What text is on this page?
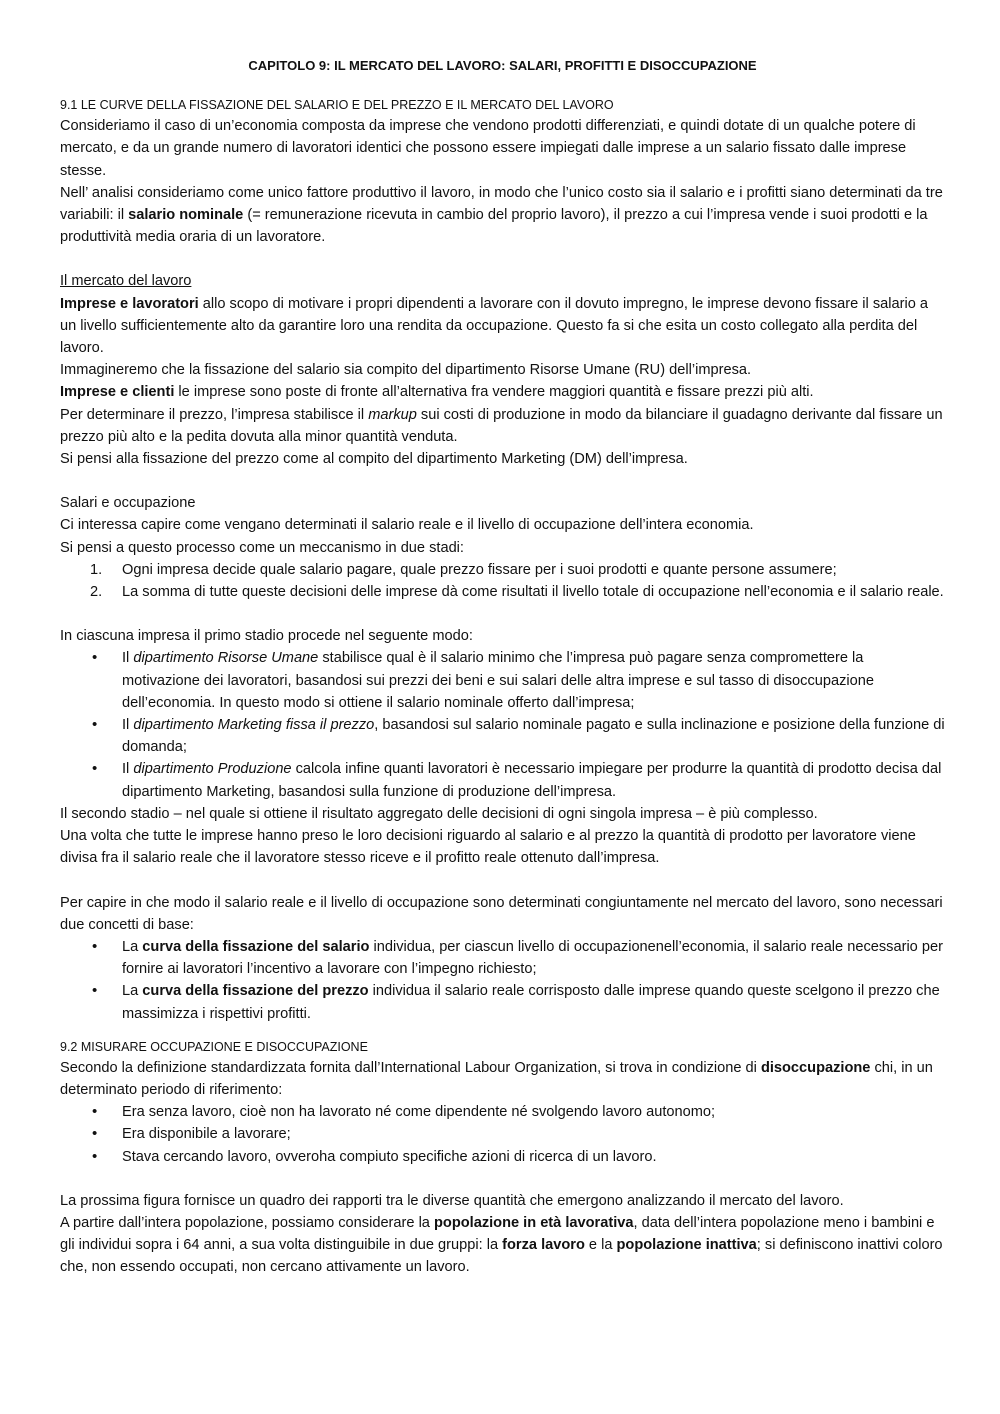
CAPITOLO 9: IL MERCATO DEL LAVORO: SALARI, PROFITTI E DISOCCUPAZIONE
9.1 LE CURVE DELLA FISSAZIONE DEL SALARIO E DEL PREZZO E IL MERCATO DEL LAVORO

Consideriamo il caso di un’economia composta da imprese che vendono prodotti differenziati, e quindi dotate di un qualche potere di mercato, e da un grande numero di lavoratori identici che possono essere impiegati dalle imprese a un salario fissato dalle imprese stesse.

Nell’ analisi consideriamo come unico fattore produttivo il lavoro, in modo che l’unico costo sia il salario e i profitti siano determinati da tre variabili: il salario nominale (= remunerazione ricevuta in cambio del proprio lavoro), il prezzo a cui l’impresa vende i suoi prodotti e la produttività media oraria di un lavoratore.

Il mercato del lavoro

Imprese e lavoratori allo scopo di motivare i propri dipendenti a lavorare con il dovuto impregno, le imprese devono fissare il salario a un livello sufficientemente alto da garantire loro una rendita da occupazione. Questo fa si che esita un costo collegato alla perdita del lavoro.

Immagineremo che la fissazione del salario sia compito del dipartimento Risorse Umane (RU) dell’impresa.

Imprese e clienti le imprese sono poste di fronte all’alternativa fra vendere maggiori quantità e fissare prezzi più alti.

Per determinare il prezzo, l’impresa stabilisce il markup sui costi di produzione in modo da bilanciare il guadagno derivante dal fissare un prezzo più alto e la pedita dovuta alla minor quantità venduta.

Si pensi alla fissazione del prezzo come al compito del dipartimento Marketing (DM) dell’impresa.

Salari e occupazione

Ci interessa capire come vengano determinati il salario reale e il livello di occupazione dell’intera economia.

Si pensi a questo processo come un meccanismo in due stadi:

Ogni impresa decide quale salario pagare, quale prezzo fissare per i suoi prodotti e quante persone assumere;
La somma di tutte queste decisioni delle imprese dà come risultati il livello totale di occupazione nell’economia e il salario reale.

In ciascuna impresa il primo stadio procede nel seguente modo:

• Il dipartimento Risorse Umane stabilisce qual è il salario minimo che l’impresa può pagare senza compromettere la motivazione dei lavoratori, basandosi sui prezzi dei beni e sui salari delle altra imprese e sul tasso di disoccupazione dell’economia. In questo modo si ottiene il salario nominale offerto dall’impresa;
• Il dipartimento Marketing fissa il prezzo, basandosi sul salario nominale pagato e sulla inclinazione e posizione della funzione di domanda;
• Il dipartimento Produzione calcola infine quanti lavoratori è necessario impiegare per produrre la quantità di prodotto decisa dal dipartimento Marketing, basandosi sulla funzione di produzione dell’impresa.

Il secondo stadio – nel quale si ottiene il risultato aggregato delle decisioni di ogni singola impresa – è più complesso.

Una volta che tutte le imprese hanno preso le loro decisioni riguardo al salario e al prezzo la quantità di prodotto per lavoratore viene divisa fra il salario reale che il lavoratore stesso riceve e il profitto reale ottenuto dall’impresa.

Per capire in che modo il salario reale e il livello di occupazione sono determinati congiuntamente nel mercato del lavoro, sono necessari due concetti di base:

• La curva della fissazione del salario individua, per ciascun livello di occupazionenell’economia, il salario reale necessario per fornire ai lavoratori l’incentivo a lavorare con l’impegno richiesto;
• La curva della fissazione del prezzo individua il salario reale corrisposto dalle imprese quando queste scelgono il prezzo che massimizza i rispettivi profitti.
9.2 MISURARE OCCUPAZIONE E DISOCCUPAZIONE

Secondo la definizione standardizzata fornita dall’International Labour Organization, si trova in condizione di disoccupazione chi, in un determinato periodo di riferimento:

• Era senza lavoro, cioè non ha lavorato né come dipendente né svolgendo lavoro autonomo;
• Era disponibile a lavorare;
• Stava cercando lavoro, ovveroha compiuto specifiche azioni di ricerca di un lavoro.

La prossima figura fornisce un quadro dei rapporti tra le diverse quantità che emergono analizzando il mercato del lavoro.

A partire dall’intera popolazione, possiamo considerare la popolazione in età lavorativa, data dell’intera popolazione meno i bambini e gli individui sopra i 64 anni, a sua volta distinguibile in due gruppi: la forza lavoro e la popolazione inattiva; si definiscono inattivi coloro che, non essendo occupati, non cercano attivamente un lavoro.
